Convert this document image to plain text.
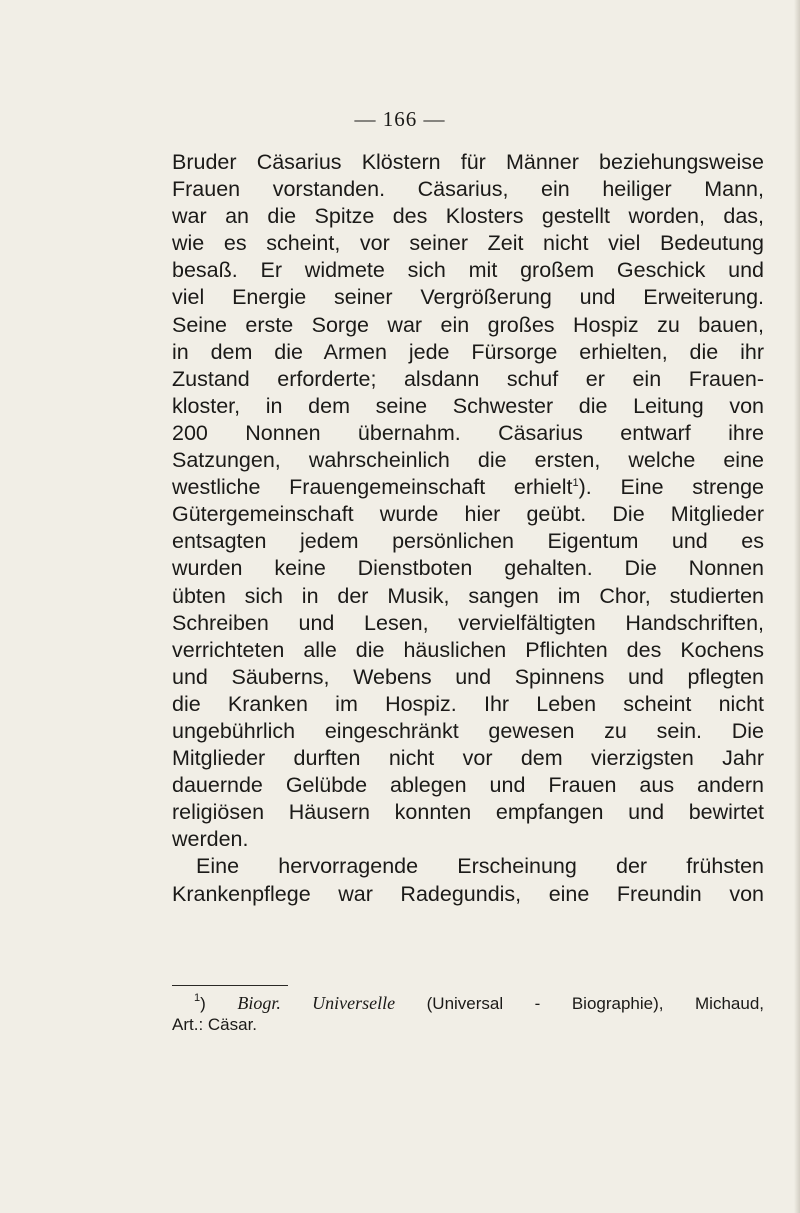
— 166 —
Bruder Cäsarius Klöstern für Männer beziehungsweise
Frauen vorstanden. Cäsarius, ein heiliger Mann,
war an die Spitze des Klosters gestellt worden, das,
wie es scheint, vor seiner Zeit nicht viel Bedeutung
besaß. Er widmete sich mit großem Geschick und
viel Energie seiner Vergrößerung und Erweiterung.
Seine erste Sorge war ein großes Hospiz zu bauen,
in dem die Armen jede Fürsorge erhielten, die ihr
Zustand erforderte; alsdann schuf er ein Frauen-
kloster, in dem seine Schwester die Leitung von
200 Nonnen übernahm. Cäsarius entwarf ihre
Satzungen, wahrscheinlich die ersten, welche eine
westliche Frauengemeinschaft erhielt$^1$). Eine strenge
Gütergemeinschaft wurde hier geübt. Die Mitglieder
entsagten jedem persönlichen Eigentum und es
wurden keine Dienstboten gehalten. Die Nonnen
übten sich in der Musik, sangen im Chor, studierten
Schreiben und Lesen, vervielfältigten Handschriften,
verrichteten alle die häuslichen Pflichten des Kochens
und Säuberns, Webens und Spinnens und pflegten
die Kranken im Hospiz. Ihr Leben scheint nicht
ungebührlich eingeschränkt gewesen zu sein. Die
Mitglieder durften nicht vor dem vierzigsten Jahr
dauernde Gelübde ablegen und Frauen aus andern
religiösen Häusern konnten empfangen und bewirtet
werden.
Eine hervorragende Erscheinung der frühsten
Krankenpflege war Radegundis, eine Freundin von
$^1$) Biogr. Universelle (Universal - Biographie), Michaud,
Art.: Cäsar.
